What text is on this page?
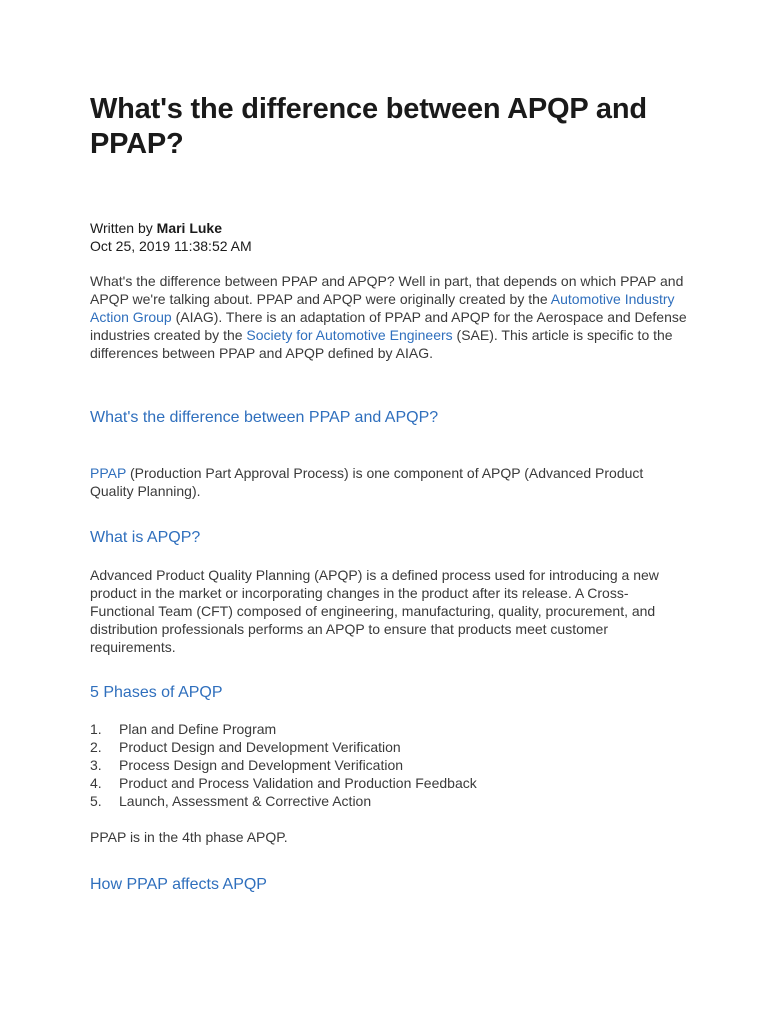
What's the difference between APQP and PPAP?
Written by Mari Luke
Oct 25, 2019 11:38:52 AM

What's the difference between PPAP and APQP? Well in part, that depends on which PPAP and APQP we're talking about. PPAP and APQP were originally created by the Automotive Industry Action Group (AIAG). There is an adaptation of PPAP and APQP for the Aerospace and Defense industries created by the Society for Automotive Engineers (SAE). This article is specific to the differences between PPAP and APQP defined by AIAG.

What's the difference between PPAP and APQP?

PPAP (Production Part Approval Process) is one component of APQP (Advanced Product Quality Planning).

What is APQP?

Advanced Product Quality Planning (APQP) is a defined process used for introducing a new product in the market or incorporating changes in the product after its release. A Cross-Functional Team (CFT) composed of engineering, manufacturing, quality, procurement, and distribution professionals performs an APQP to ensure that products meet customer requirements.

5 Phases of APQP
1.	Plan and Define Program
2.	Product Design and Development Verification
3.	Process Design and Development Verification
4.	Product and Process Validation and Production Feedback
5.	Launch, Assessment & Corrective Action

PPAP is in the 4th phase APQP.

How PPAP affects APQP
